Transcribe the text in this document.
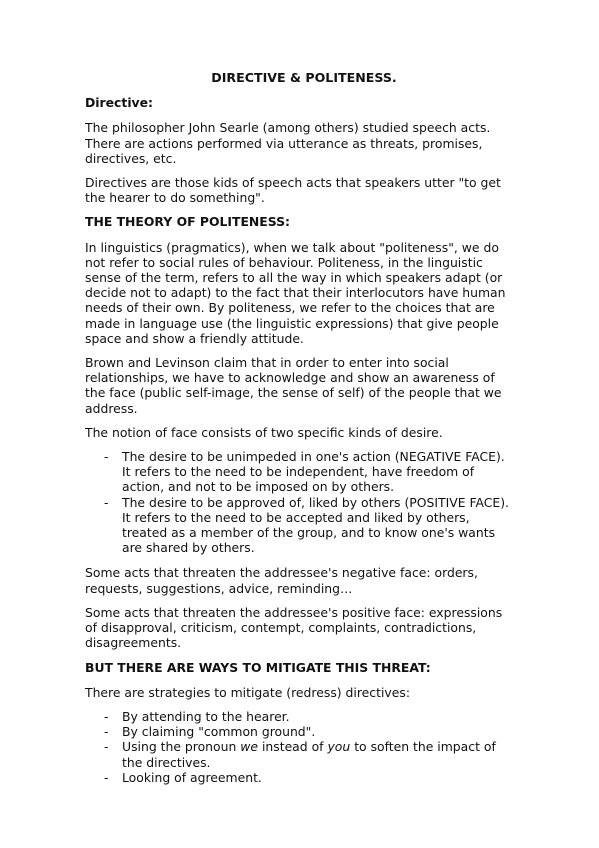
DIRECTIVE & POLITENESS.
Directive:

The philosopher John Searle (among others) studied speech acts. There are actions performed via utterance as threats, promises, directives, etc.

Directives are those kids of speech acts that speakers utter "to get the hearer to do something".

THE THEORY OF POLITENESS:

In linguistics (pragmatics), when we talk about "politeness", we do not refer to social rules of behaviour. Politeness, in the linguistic sense of the term, refers to all the way in which speakers adapt (or decide not to adapt) to the fact that their interlocutors have human needs of their own. By politeness, we refer to the choices that are made in language use (the linguistic expressions) that give people space and show a friendly attitude.

Brown and Levinson claim that in order to enter into social relationships, we have to acknowledge and show an awareness of the face (public self-image, the sense of self) of the people that we address.

The notion of face consists of two specific kinds of desire.

- The desire to be unimpeded in one's action (NEGATIVE FACE). It refers to the need to be independent, have freedom of action, and not to be imposed on by others.
- The desire to be approved of, liked by others (POSITIVE FACE). It refers to the need to be accepted and liked by others, treated as a member of the group, and to know one's wants are shared by others.

Some acts that threaten the addressee's negative face: orders, requests, suggestions, advice, reminding…

Some acts that threaten the addressee's positive face: expressions of disapproval, criticism, contempt, complaints, contradictions, disagreements.

BUT THERE ARE WAYS TO MITIGATE THIS THREAT:

There are strategies to mitigate (redress) directives:

- By attending to the hearer.
- By claiming "common ground".
- Using the pronoun we instead of you to soften the impact of the directives.
- Looking of agreement.
